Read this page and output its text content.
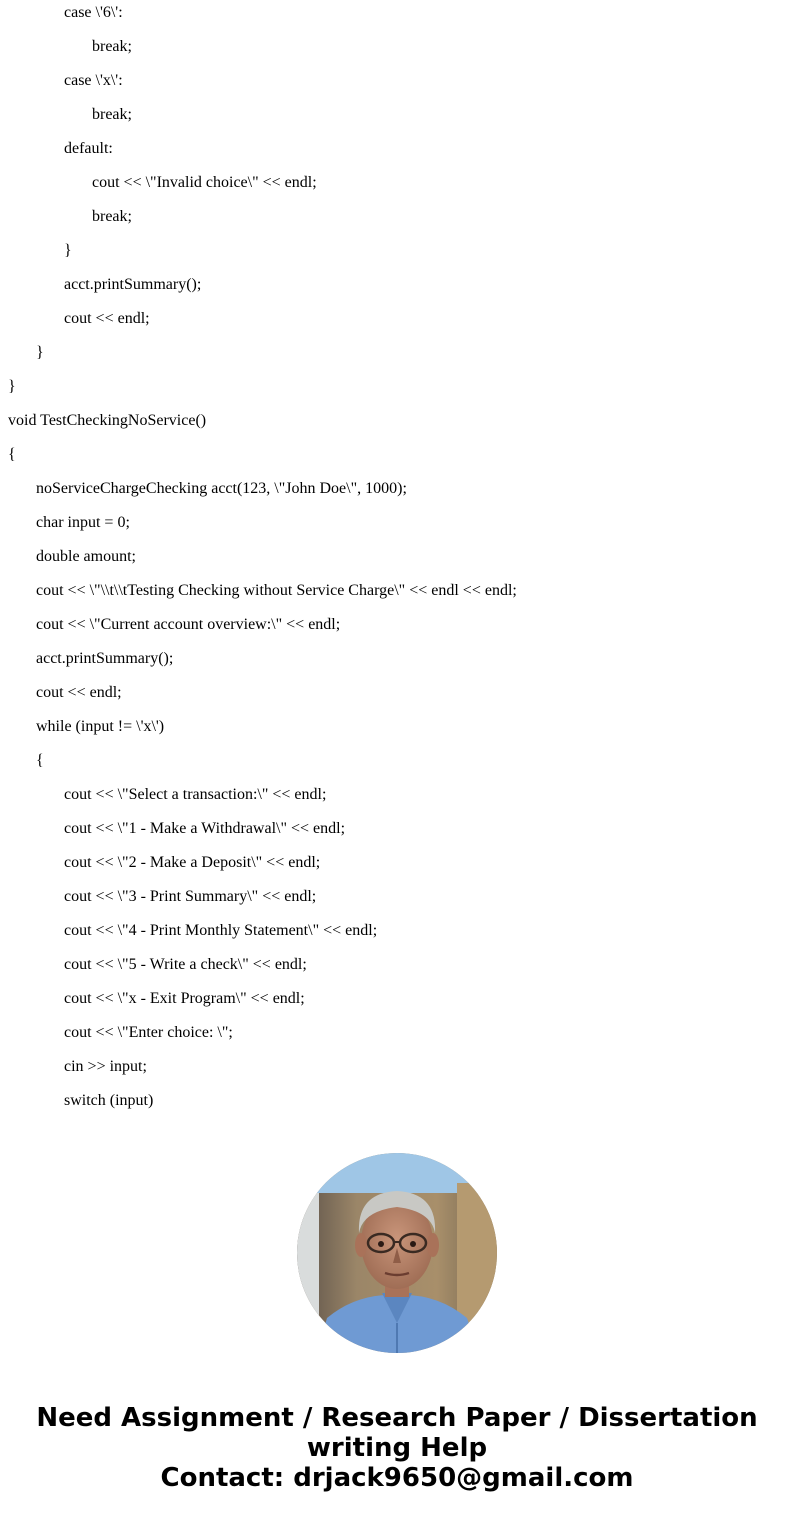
case \'6\':
break;
case \'x\':
break;
default:
cout << \"Invalid choice\" << endl;
break;
}
acct.printSummary();
cout << endl;
}
}
void TestCheckingNoService()
{
noServiceChargeChecking acct(123, \"John Doe\", 1000);
char input = 0;
double amount;
cout << \"\\t\\tTesting Checking without Service Charge\" << endl << endl;
cout << \"Current account overview:\" << endl;
acct.printSummary();
cout << endl;
while (input != \'x\')
{
cout << \"Select a transaction:\" << endl;
cout << \"1 - Make a Withdrawal\" << endl;
cout << \"2 - Make a Deposit\" << endl;
cout << \"3 - Print Summary\" << endl;
cout << \"4 - Print Monthly Statement\" << endl;
cout << \"5 - Write a check\" << endl;
cout << \"x - Exit Program\" << endl;
cout << \"Enter choice: \";
cin >> input;
switch (input)
Need Assignment / Research Paper / Dissertation
writing Help
Contact: drjack9650@gmail.com
